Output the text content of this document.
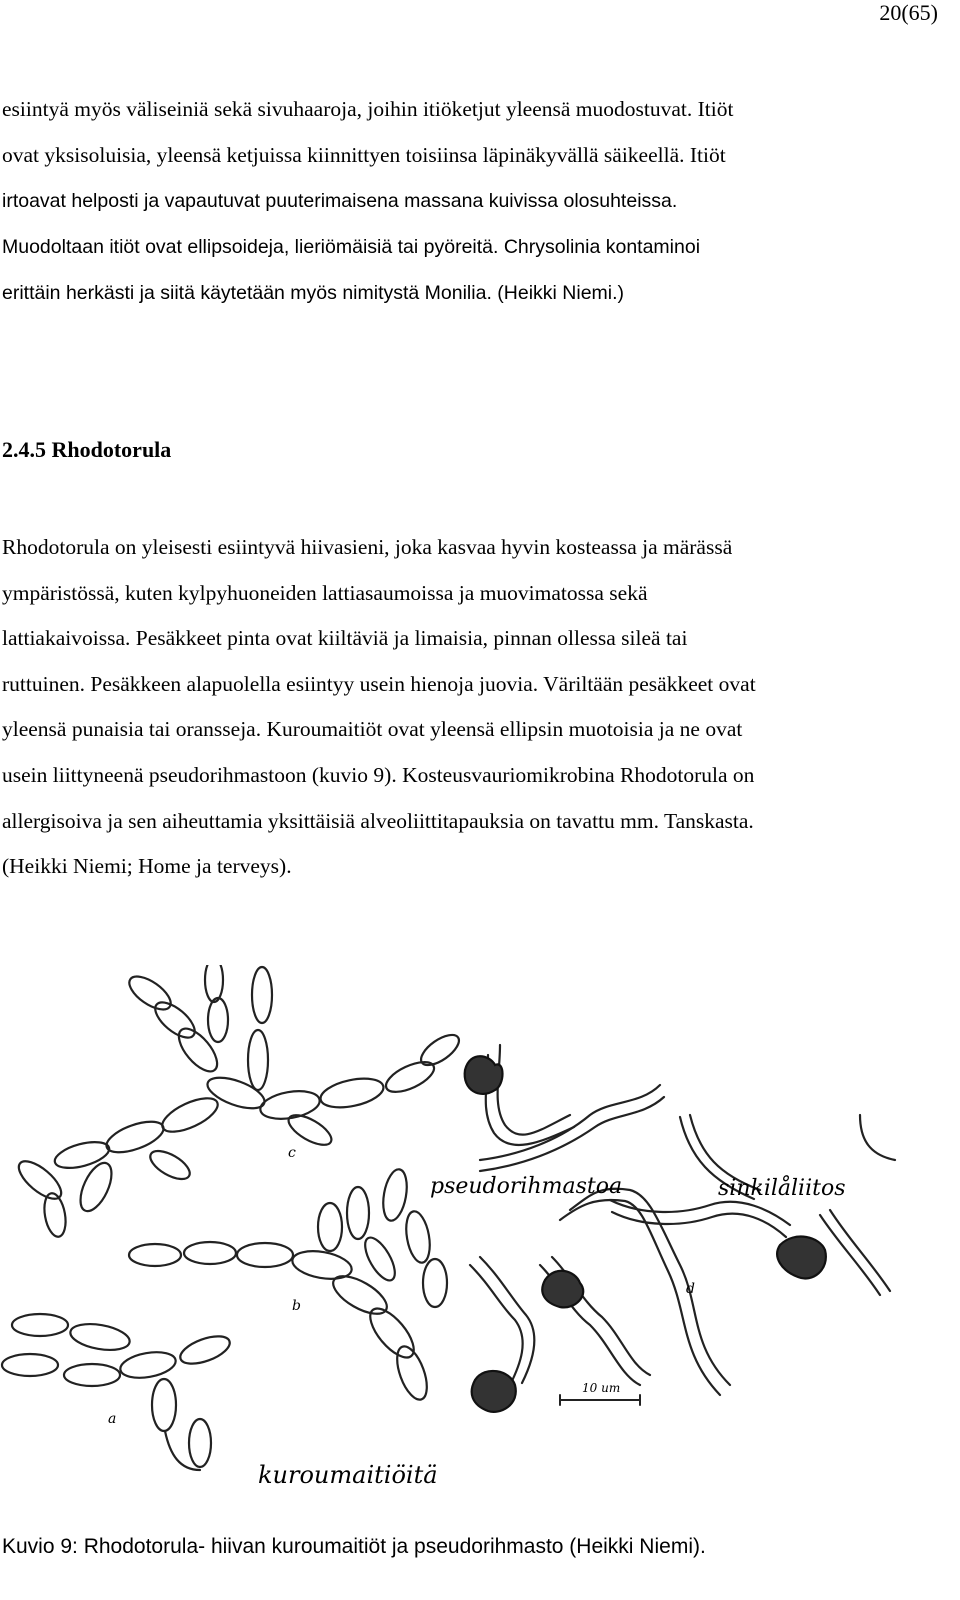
20(65)
esiintyä myös väliseiniä sekä sivuhaaroja, joihin itiöketjut yleensä muodostuvat. Itiöt
ovat yksisoluisia, yleensä ketjuissa kiinnittyen toisiinsa läpinäkyvällä säikeellä. Itiöt
irtoavat helposti ja vapautuvat puuterimaisena massana kuivissa olosuhteissa.
Muodoltaan itiöt ovat ellipsoideja, lieriömäisiä tai pyöreitä. Chrysolinia kontaminoi
erittäin herkästi ja siitä käytetään myös nimitystä Monilia. (Heikki Niemi.)
2.4.5 Rhodotorula
Rhodotorula on yleisesti esiintyvä hiivasieni, joka kasvaa hyvin kosteassa ja märässä
ympäristössä, kuten kylpyhuoneiden lattiasaumoissa ja muovimatossa sekä
lattiakaivoissa. Pesäkkeet pinta ovat kiiltäviä ja limaisia, pinnan ollessa sileä tai
ruttuinen. Pesäkkeen alapuolella esiintyy usein hienoja juovia. Väriltään pesäkkeet ovat
yleensä punaisia tai oransseja. Kuroumaitiöt ovat yleensä ellipsin muotoisia ja ne ovat
usein liittyneenä pseudorihmastoon (kuvio 9). Kosteusvauriomikrobina Rhodotorula on
allergisoiva ja sen aiheuttamia yksittäisiä alveoliittitapauksia on tavattu mm. Tanskasta.
(Heikki Niemi; Home ja terveys).
pseudorihmastoa	sinkilåliitos
kuroumaitiöitä
10 um
a
b
c
d
Kuvio 9: Rhodotorula- hiivan kuroumaitiöt ja pseudorihmasto (Heikki Niemi).
